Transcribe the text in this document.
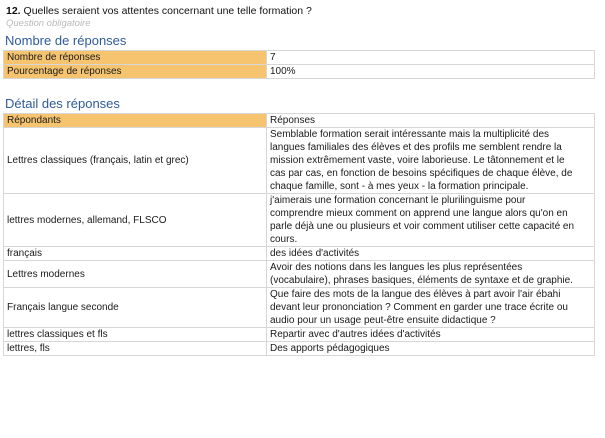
12. Quelles seraient vos attentes concernant une telle formation ?
Question obligatoire
Nombre de réponses
Nombre de réponses	7
Pourcentage de réponses	100%
Détail des réponses
Répondants	Réponses
Lettres classiques (français, latin et grec)	Semblable formation serait intéressante mais la multiplicité des langues familiales des élèves et des profils me semblent rendre la mission extrêmement vaste, voire laborieuse. Le tâtonnement et le cas par cas, en fonction de besoins spécifiques de chaque élève, de chaque famille, sont - à mes yeux - la formation principale.
lettres modernes, allemand, FLSCO	j'aimerais une formation concernant le plurilinguisme pour comprendre mieux comment on apprend une langue alors qu'on en parle déjà une ou plusieurs et voir comment utiliser cette capacité en cours.
français	des idées d'activités
Lettres modernes	Avoir des notions dans les langues les plus représentées (vocabulaire), phrases basiques, éléments de syntaxe et de graphie.
Français langue seconde	Que faire des mots de la langue des élèves à part avoir l'air ébahi devant leur prononciation ? Comment en garder une trace écrite ou audio pour un usage peut-être ensuite didactique ?
lettres classiques et fls	Repartir avec d'autres idées d'activités
lettres, fls	Des apports pédagogiques
